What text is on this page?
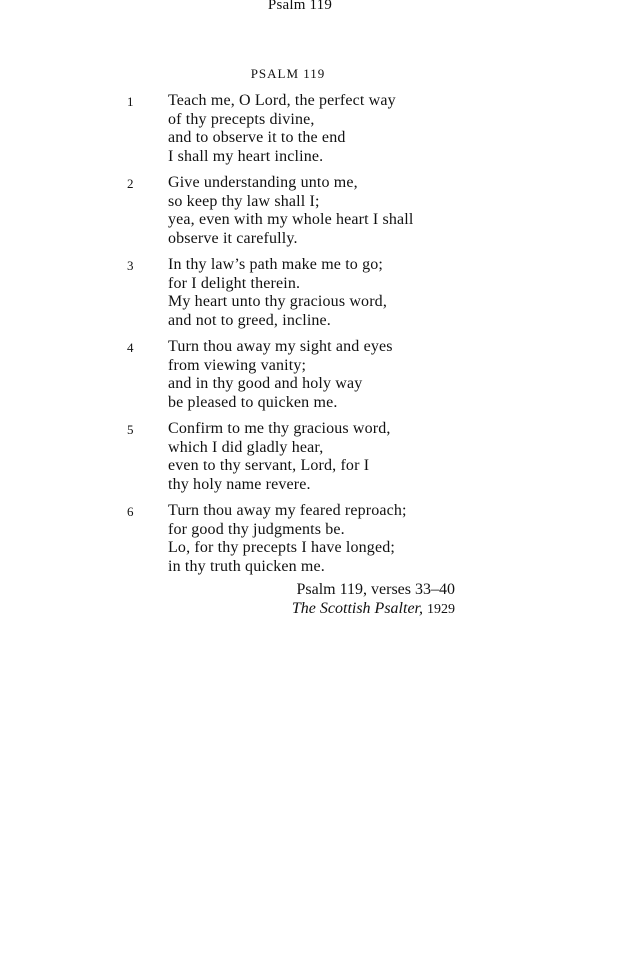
Psalm 119
PSALM 119
1 Teach me, O Lord, the perfect way
of thy precepts divine,
and to observe it to the end
I shall my heart incline.
2 Give understanding unto me,
so keep thy law shall I;
yea, even with my whole heart I shall
observe it carefully.
3 In thy law’s path make me to go;
for I delight therein.
My heart unto thy gracious word,
and not to greed, incline.
4 Turn thou away my sight and eyes
from viewing vanity;
and in thy good and holy way
be pleased to quicken me.
5 Confirm to me thy gracious word,
which I did gladly hear,
even to thy servant, Lord, for I
thy holy name revere.
6 Turn thou away my feared reproach;
for good thy judgments be.
Lo, for thy precepts I have longed;
in thy truth quicken me.
Psalm 119, verses 33–40
The Scottish Psalter, 1929
